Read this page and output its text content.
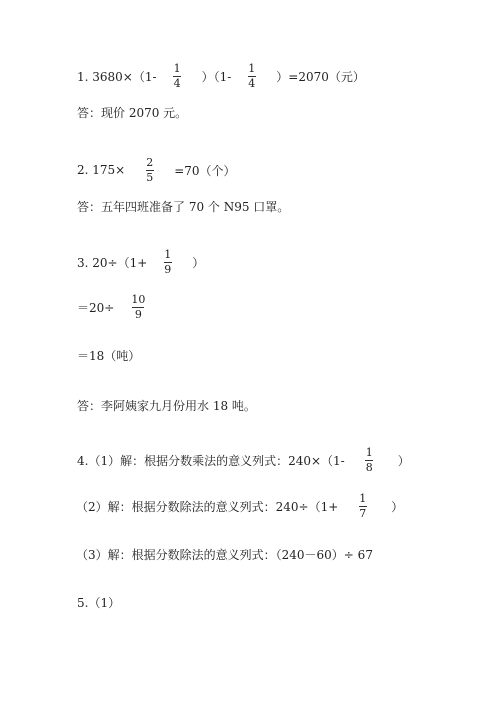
1. $3680\times(1- \frac{1}{4} )(1- \frac{1}{4} )=2070$（元）
答：现价 2070 元。
2. $175\times \frac{2}{5} =70$（个）
答：五年四班准备了 70 个 N95 口罩。
3. $20\div(1+ \frac{1}{9}$ ）
$=20\div \frac{10}{9}$
＝18（吨）
答：李阿姨家九月份用水 18 吨。
4.（1）解：根据分数乘法的意义列式：$240\times(1- \frac{1}{8}$ ）
（2）解：根据分数除法的意义列式：$240\div(1+ \frac{1}{7}$ ）
（3）解：根据分数除法的意义列式：（240－60）÷ 67
5.（1）
